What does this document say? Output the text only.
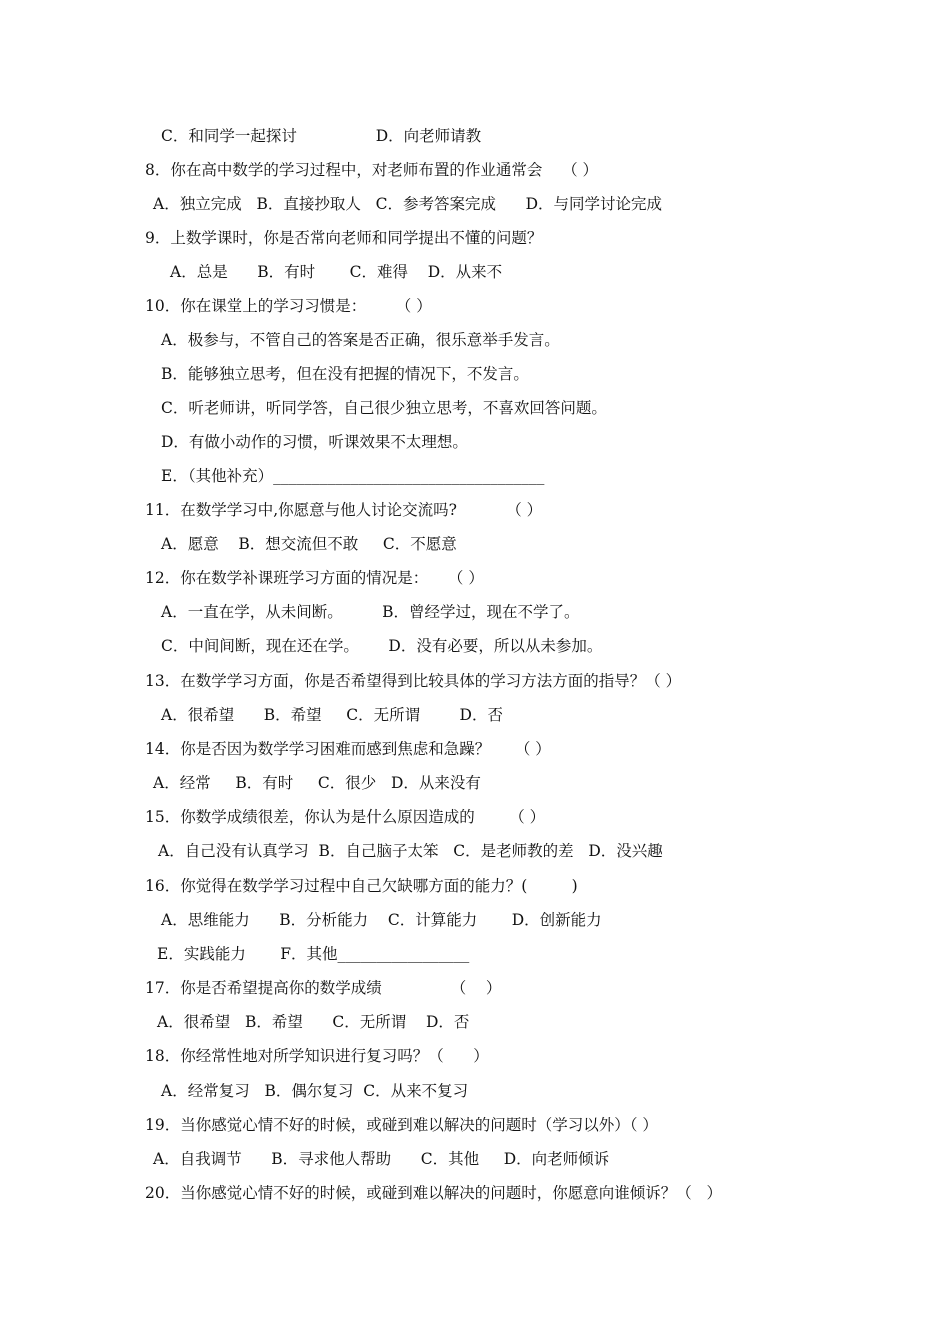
C．和同学一起探讨                D．向老师请教
8．你在高中数学的学习过程中，对老师布置的作业通常会    （ ）
A．独立完成   B．直接抄取人   C．参考答案完成      D．与同学讨论完成
9．上数学课时，你是否常向老师和同学提出不懂的问题？
A．总是      B．有时       C．难得    D．从来不
10．你在课堂上的学习习惯是：      （ ）
A．极参与，不管自己的答案是否正确，很乐意举手发言。
B．能够独立思考，但在没有把握的情况下，不发言。
C．听老师讲，听同学答，自己很少独立思考，不喜欢回答问题。
D．有做小动作的习惯，听课效果不太理想。
E．（其他补充）___________________________________
11．在数学学习中,你愿意与他人讨论交流吗?          （ ）
A．愿意    B．想交流但不敢     C．不愿意
12．你在数学补课班学习方面的情况是：    （ ）
A．一直在学，从未间断。        B．曾经学过，现在不学了。
C．中间间断，现在还在学。      D．没有必要，所以从未参加。
13．在数学学习方面，你是否希望得到比较具体的学习方法方面的指导？（ ）
A．很希望      B．希望     C．无所谓        D．否
14．你是否因为数学学习困难而感到焦虑和急躁？     （ ）
A．经常     B．有时     C．很少   D．从来没有
15．你数学成绩很差，你认为是什么原因造成的       （ ）
A．自己没有认真学习  B．自己脑子太笨   C．是老师教的差   D．没兴趣
16．你觉得在数学学习过程中自己欠缺哪方面的能力？(         )
A．思维能力      B．分析能力    C．计算能力       D．创新能力
E．实践能力       F．其他_________________
17．你是否希望提高你的数学成绩              （    ）
A．很希望   B．希望      C．无所谓    D．否
18．你经常性地对所学知识进行复习吗？（      ）
A．经常复习   B．偶尔复习  C．从来不复习
19．当你感觉心情不好的时候，或碰到难以解决的问题时（学习以外）（ ）
A．自我调节      B．寻求他人帮助      C．其他     D．向老师倾诉
20．当你感觉心情不好的时候，或碰到难以解决的问题时，你愿意向谁倾诉？（   ）
